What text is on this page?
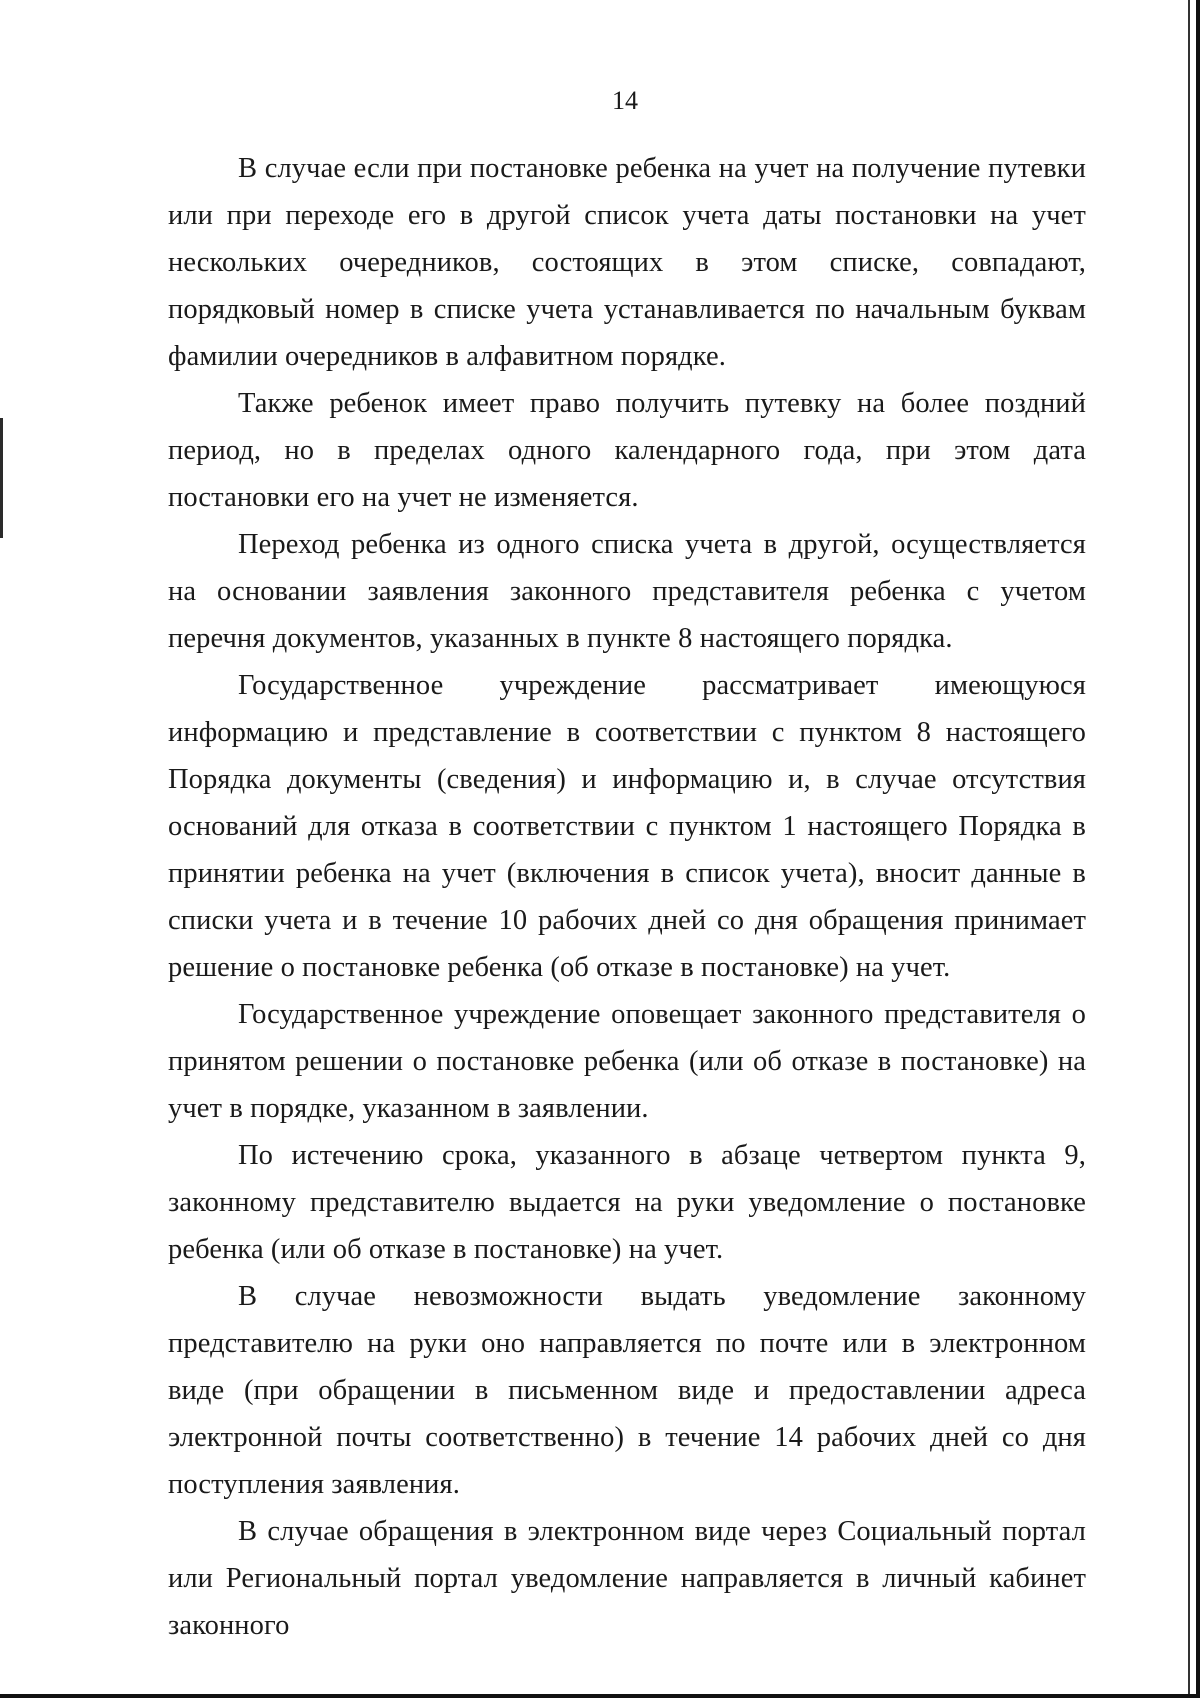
14

В случае если при постановке ребенка на учет на получение путевки или при переходе его в другой список учета даты постановки на учет нескольких очередников, состоящих в этом списке, совпадают, порядковый номер в списке учета устанавливается по начальным буквам фамилии очередников в алфавитном порядке.

Также ребенок имеет право получить путевку на более поздний период, но в пределах одного календарного года, при этом дата постановки его на учет не изменяется.

Переход ребенка из одного списка учета в другой, осуществляется на основании заявления законного представителя ребенка с учетом перечня документов, указанных в пункте 8 настоящего порядка.

Государственное учреждение рассматривает имеющуюся информацию и представление в соответствии с пунктом 8 настоящего Порядка документы (сведения) и информацию и, в случае отсутствия оснований для отказа в соответствии с пунктом 1 настоящего Порядка в принятии ребенка на учет (включения в список учета), вносит данные в списки учета и в течение 10 рабочих дней со дня обращения принимает решение о постановке ребенка (об отказе в постановке) на учет.

Государственное учреждение оповещает законного представителя о принятом решении о постановке ребенка (или об отказе в постановке) на учет в порядке, указанном в заявлении.

По истечению срока, указанного в абзаце четвертом пункта 9, законному представителю выдается на руки уведомление о постановке ребенка (или об отказе в постановке) на учет.

В случае невозможности выдать уведомление законному представителю на руки оно направляется по почте или в электронном виде (при обращении в письменном виде и предоставлении адреса электронной почты соответственно) в течение 14 рабочих дней со дня поступления заявления.

В случае обращения в электронном виде через Социальный портал или Региональный портал уведомление направляется в личный кабинет законного
